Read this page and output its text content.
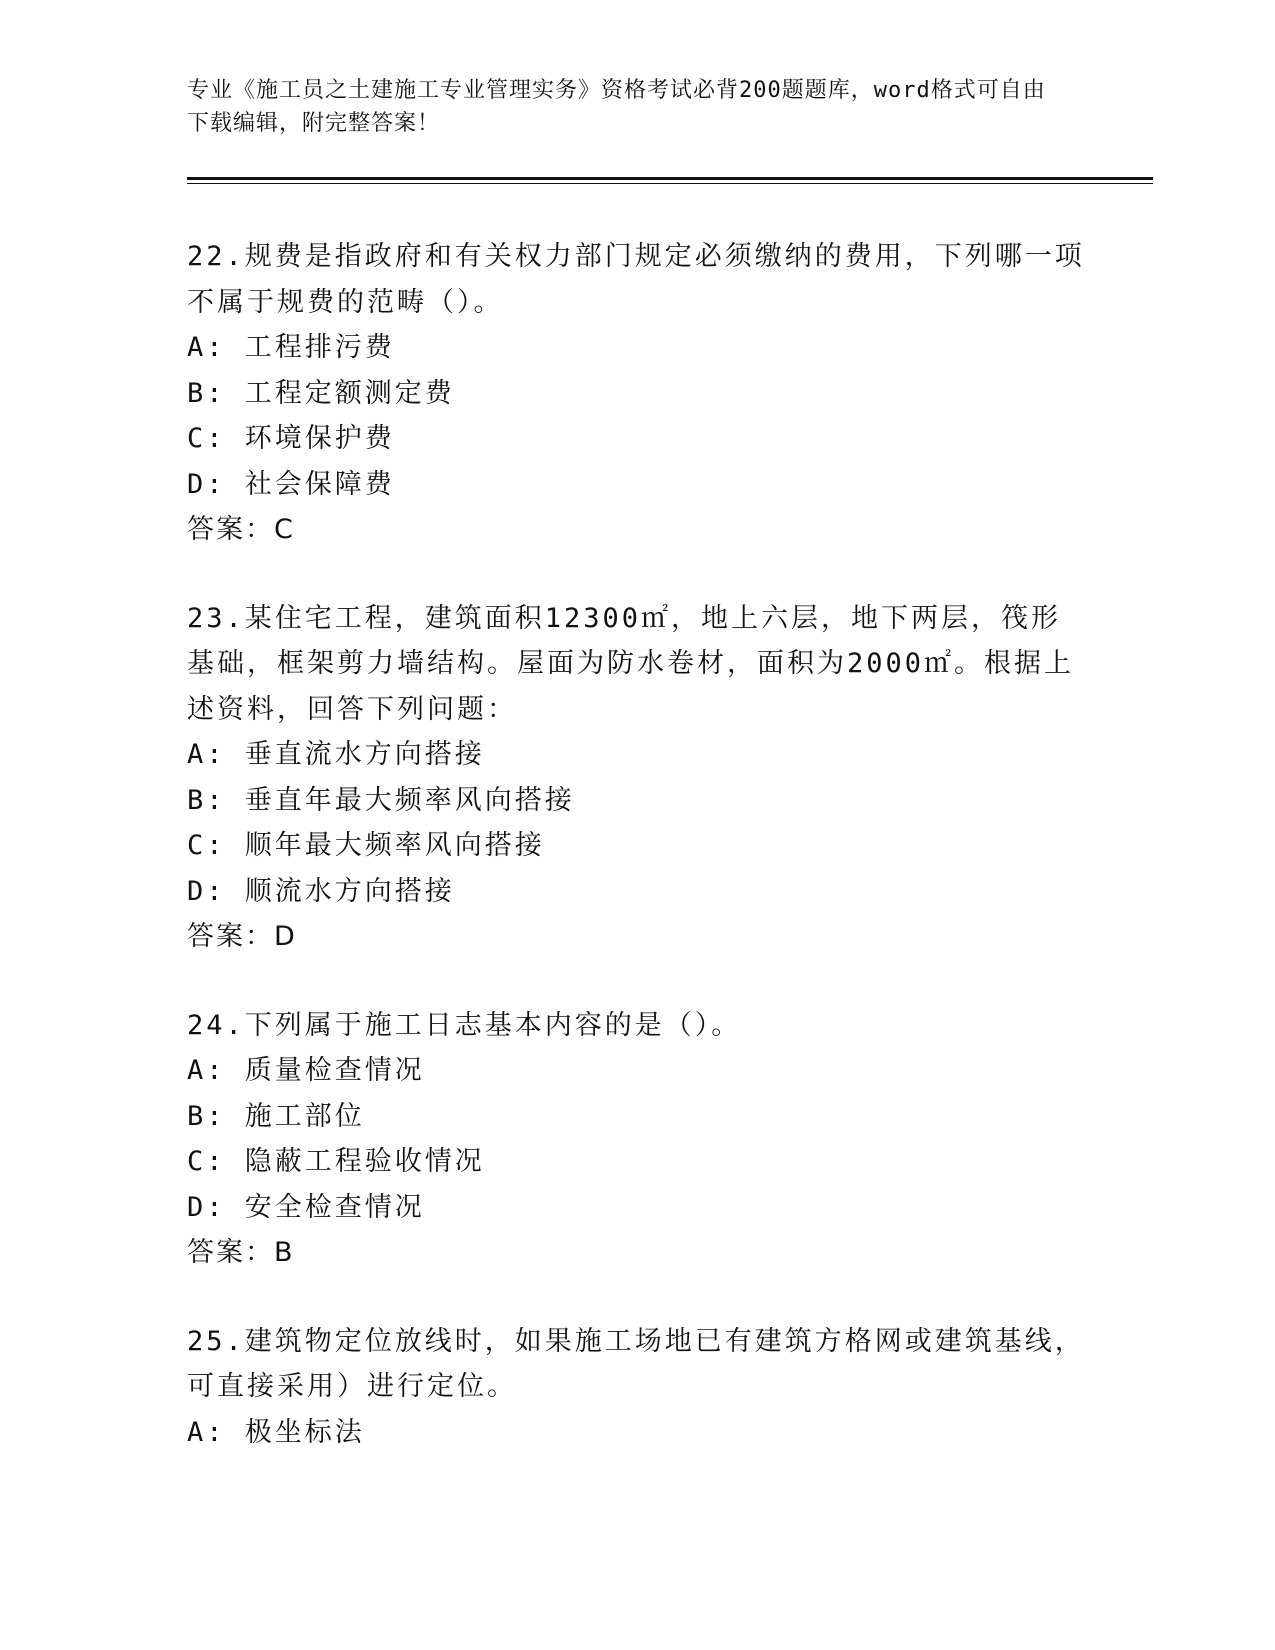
专业《施工员之土建施工专业管理实务》资格考试必背200题题库，word格式可自由下载编辑，附完整答案！

22.规费是指政府和有关权力部门规定必须缴纳的费用，下列哪一项不属于规费的范畴（）。

A: 工程排污费

B: 工程定额测定费

C: 环境保护费

D: 社会保障费

答案：C

23.某住宅工程，建筑面积12300㎡，地上六层，地下两层，筏形基础，框架剪力墙结构。屋面为防水卷材，面积为2000㎡。根据上述资料，回答下列问题：

A: 垂直流水方向搭接

B: 垂直年最大频率风向搭接

C: 顺年最大频率风向搭接

D: 顺流水方向搭接

答案：D

24.下列属于施工日志基本内容的是（）。

A: 质量检查情况

B: 施工部位

C: 隐蔽工程验收情况

D: 安全检查情况

答案：B

25.建筑物定位放线时，如果施工场地已有建筑方格网或建筑基线，可直接采用）进行定位。

A: 极坐标法
